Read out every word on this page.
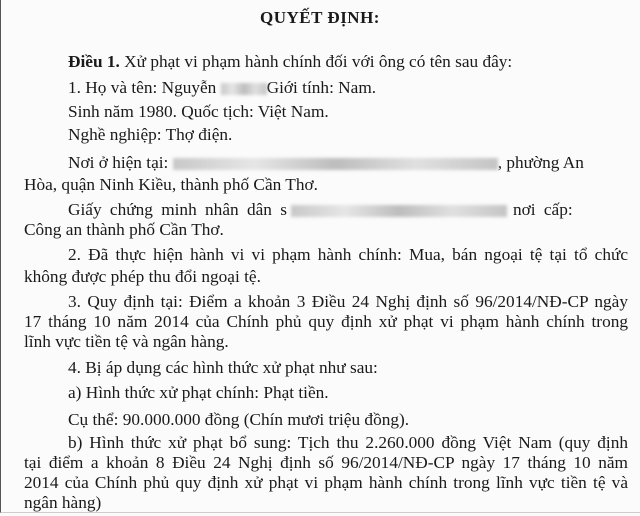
QUYẾT ĐỊNH:
Điều 1. Xử phạt vi phạm hành chính đối với ông có tên sau đây:
1. Họ và tên: Nguyễn	Giới tính: Nam.
Sinh năm 1980. Quốc tịch: Việt Nam.
Nghề nghiệp: Thợ điện.
Nơi ở hiện tại:	, phường An
Hòa, quận Ninh Kiều, thành phố Cần Thơ.
Giấy chứng minh nhân dân s	nơi cấp:
Công an thành phố Cần Thơ.
2. Đã thực hiện hành vi vi phạm hành chính: Mua, bán ngoại tệ tại tổ chức
không được phép thu đổi ngoại tệ.
3. Quy định tại: Điểm a khoản 3 Điều 24 Nghị định số 96/2014/NĐ-CP ngày
17 tháng 10 năm 2014 của Chính phủ quy định xử phạt vi phạm hành chính trong
lĩnh vực tiền tệ và ngân hàng.
4. Bị áp dụng các hình thức xử phạt như sau:
a) Hình thức xử phạt chính: Phạt tiền.
Cụ thể: 90.000.000 đồng (Chín mươi triệu đồng).
b) Hình thức xử phạt bổ sung: Tịch thu 2.260.000 đồng Việt Nam (quy định
tại điểm a khoản 8 Điều 24 Nghị định số 96/2014/NĐ-CP ngày 17 tháng 10 năm
2014 của Chính phủ quy định xử phạt vi phạm hành chính trong lĩnh vực tiền tệ và
ngân hàng)
